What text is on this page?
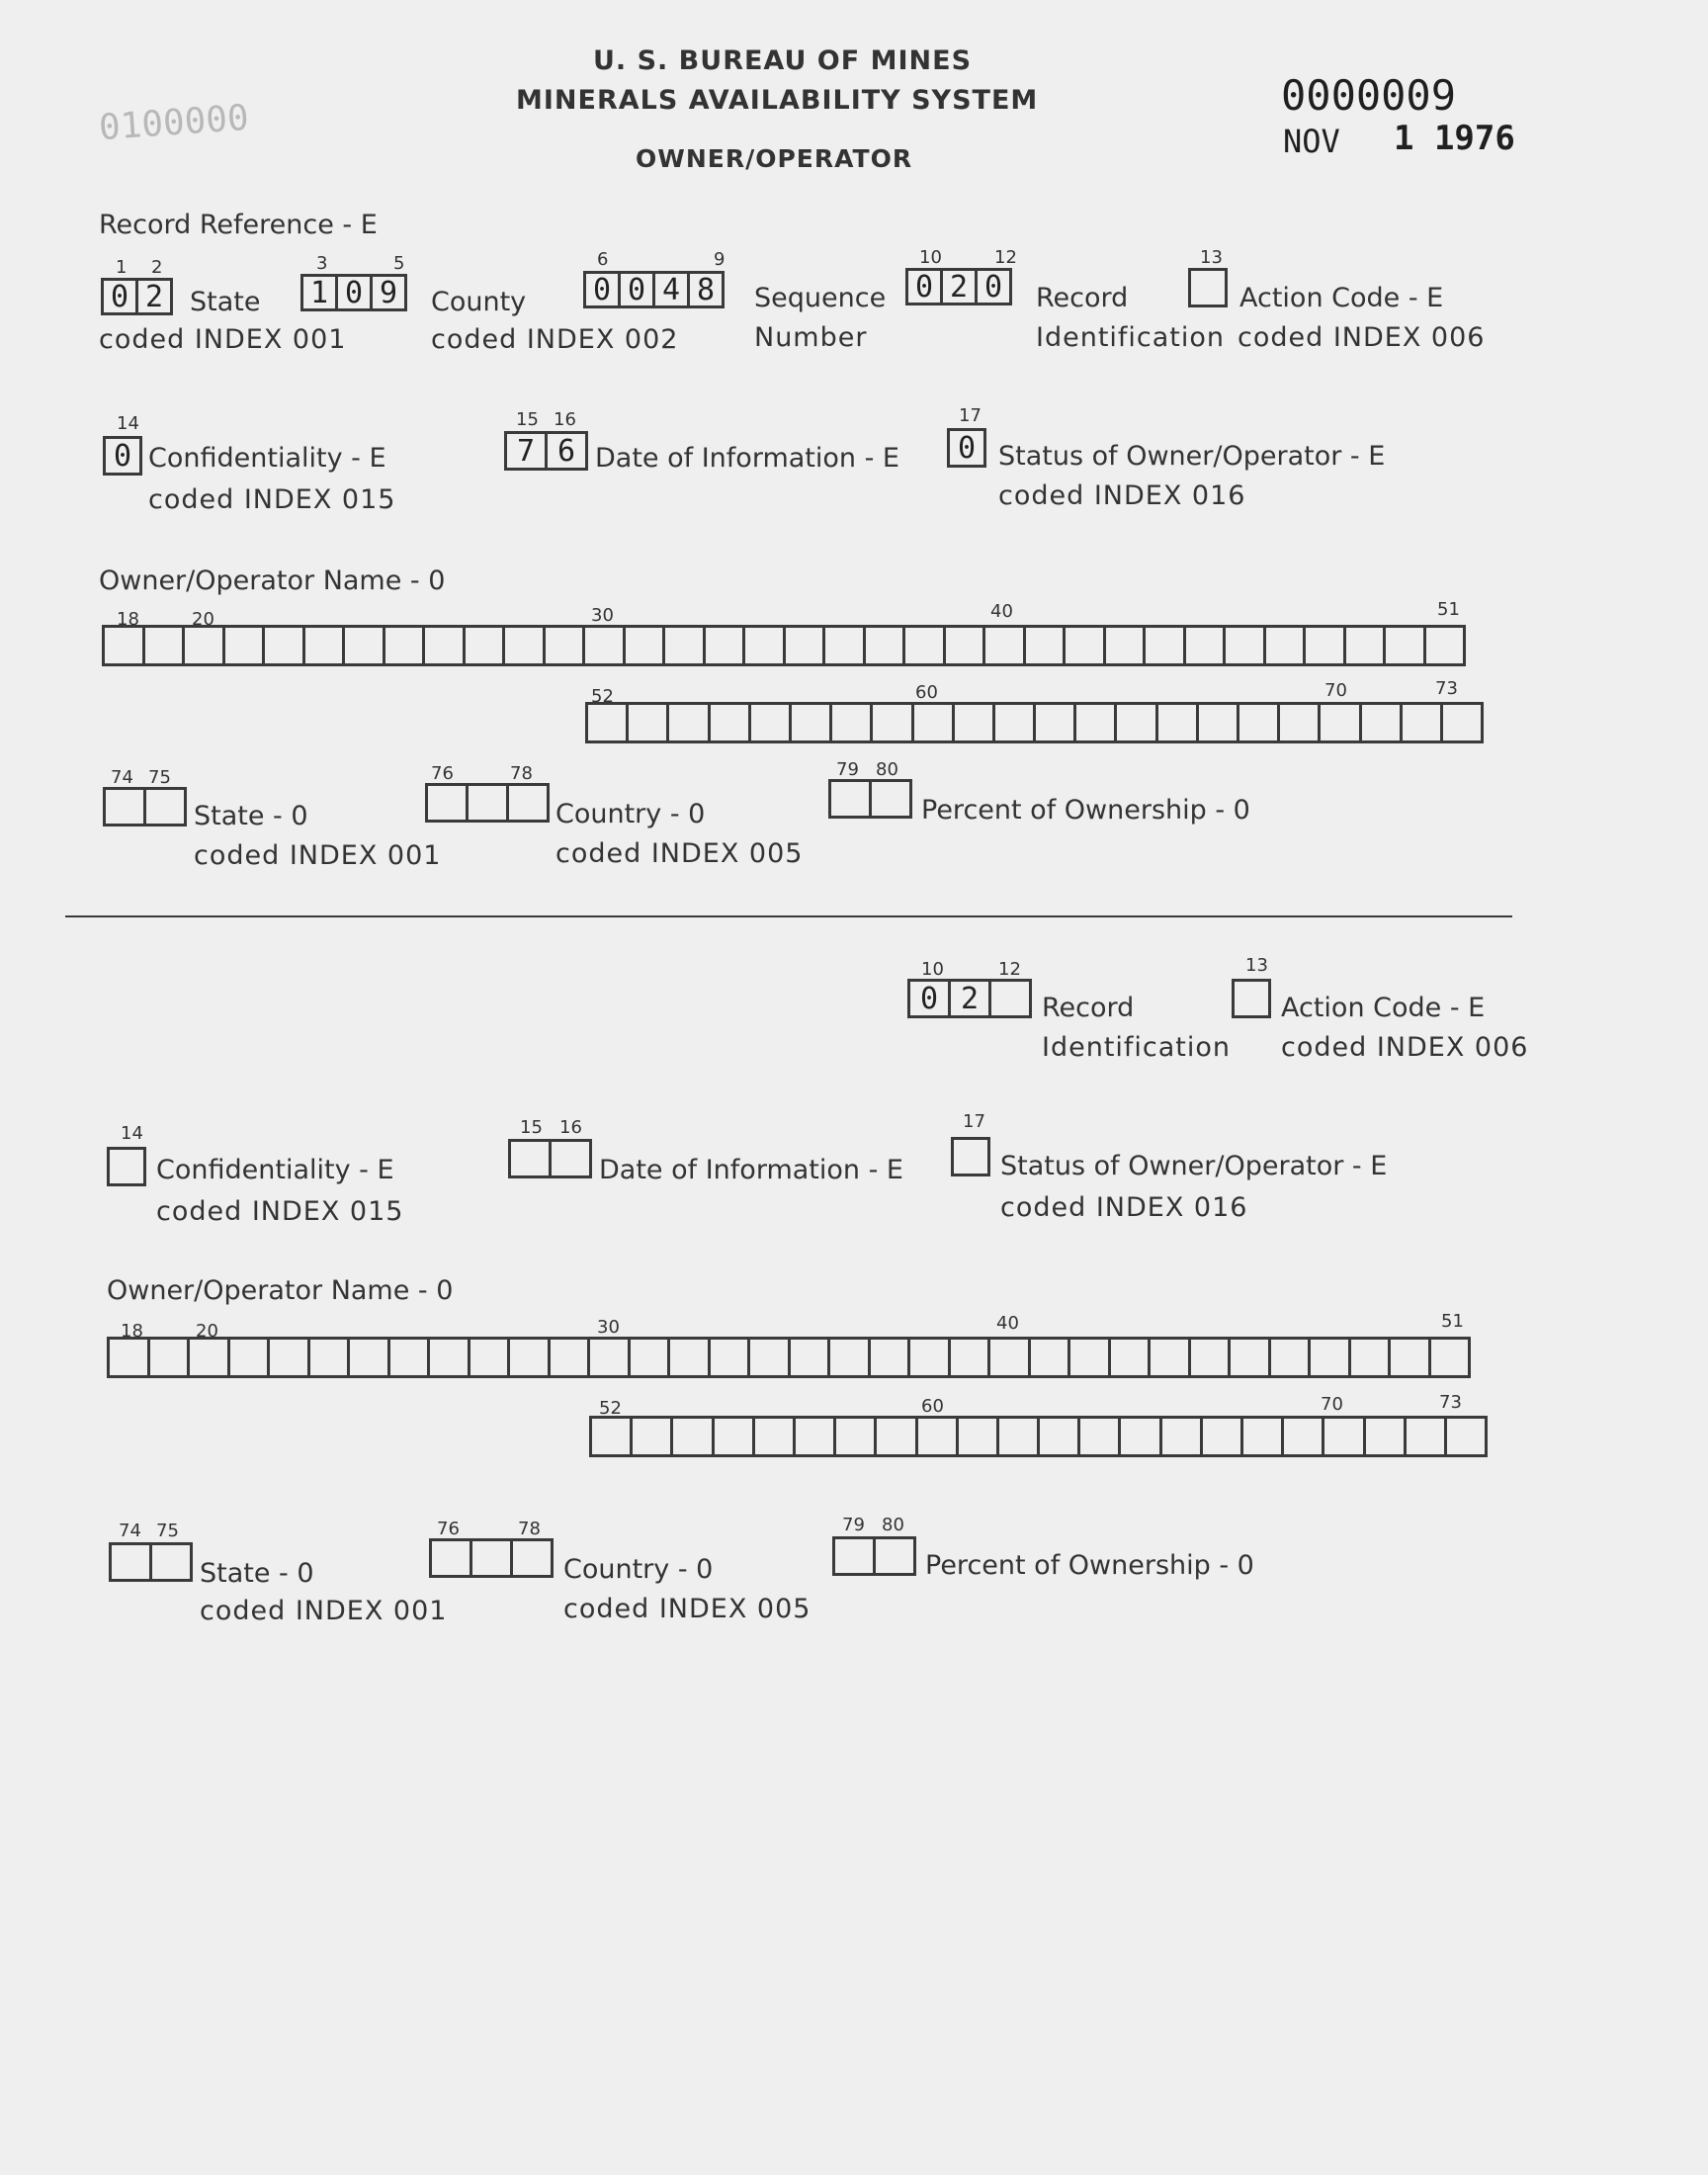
U. S. BUREAU OF MINES
MINERALS AVAILABILITY SYSTEM
OWNER/OPERATOR
0000009
NOV 1 1976
0100000
Record Reference - E
1 2
0 2 State
coded INDEX 001
3	5
1 0 9	County
coded INDEX 002
6	9
0 0 4 8	Sequence
Number
10	12
0 2 0	Record
Identification
13
Action Code - E
coded INDEX 006
14
0 Confidentiality - E
coded INDEX 015
15 16
7 6 Date of Information - E
17
0 Status of Owner/Operator - E
coded INDEX 016
Owner/Operator Name - 0
18	20	30	40	51
52	60	70	73
74 75
State - 0
coded INDEX 001
76	78
Country - 0
coded INDEX 005
79 80
Percent of Ownership - 0
10	12
0 2	Record
Identification
13
Action Code - E
coded INDEX 006
14
Confidentiality - E
coded INDEX 015
15 16
Date of Information - E
17
Status of Owner/Operator - E
coded INDEX 016
Owner/Operator Name - 0
18	20	30	40	51
52	60	70	73
74 75
State - 0
coded INDEX 001
76	78
Country - 0
coded INDEX 005
79 80
Percent of Ownership - 0
